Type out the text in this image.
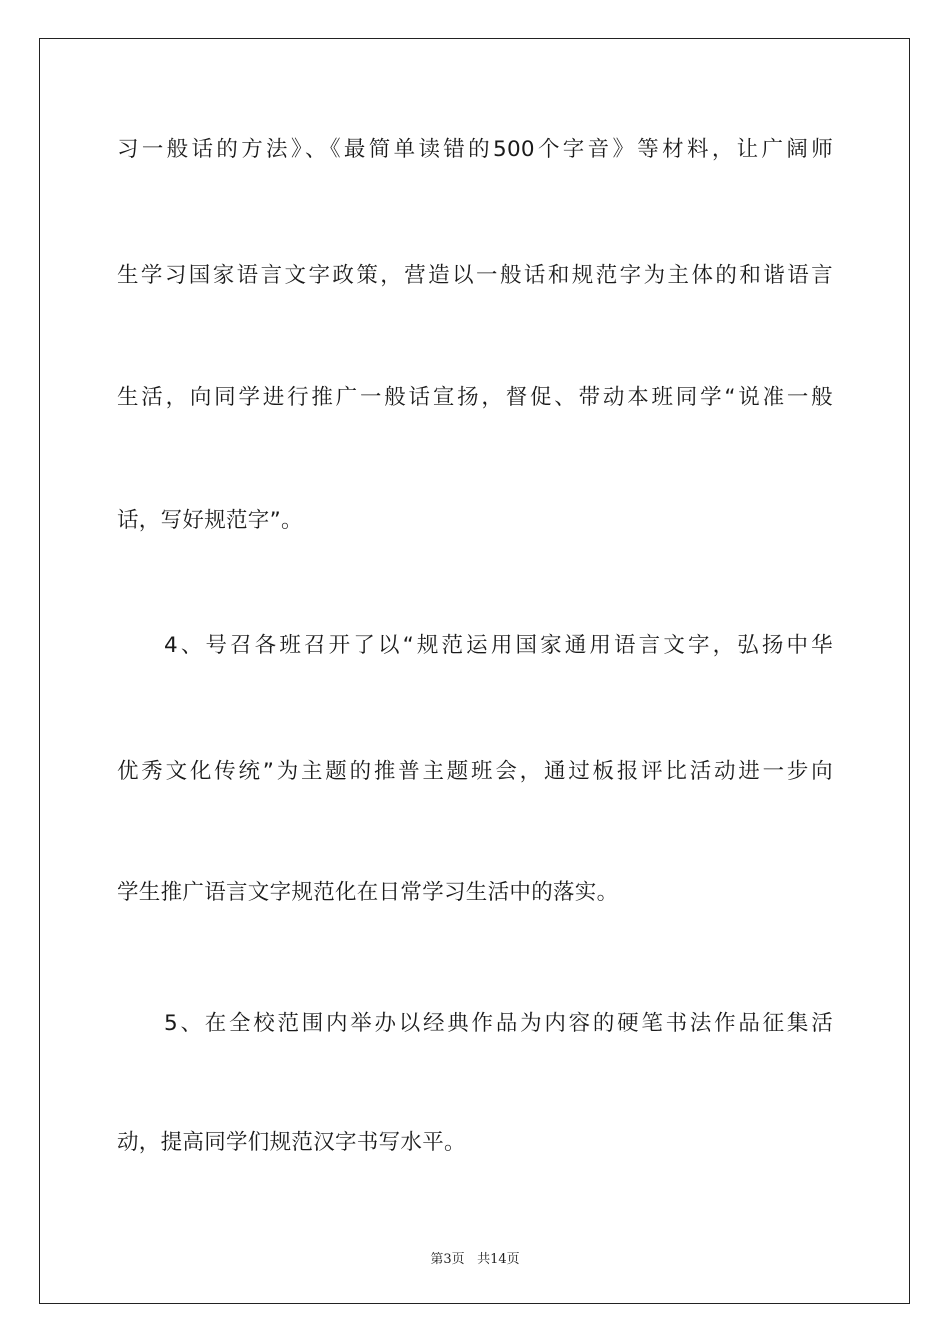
习一般话的方法》、《最简单读错的500个字音》等材料，让广阔师
生学习国家语言文字政策，营造以一般话和规范字为主体的和谐语言
生活，向同学进行推广一般话宣扬，督促、带动本班同学“说准一般
话，写好规范字”。
4、号召各班召开了以“规范运用国家通用语言文字，弘扬中华
优秀文化传统”为主题的推普主题班会，通过板报评比活动进一步向
学生推广语言文字规范化在日常学习生活中的落实。
5、在全校范围内举办以经典作品为内容的硬笔书法作品征集活
动，提高同学们规范汉字书写水平。
第3页 共14页
